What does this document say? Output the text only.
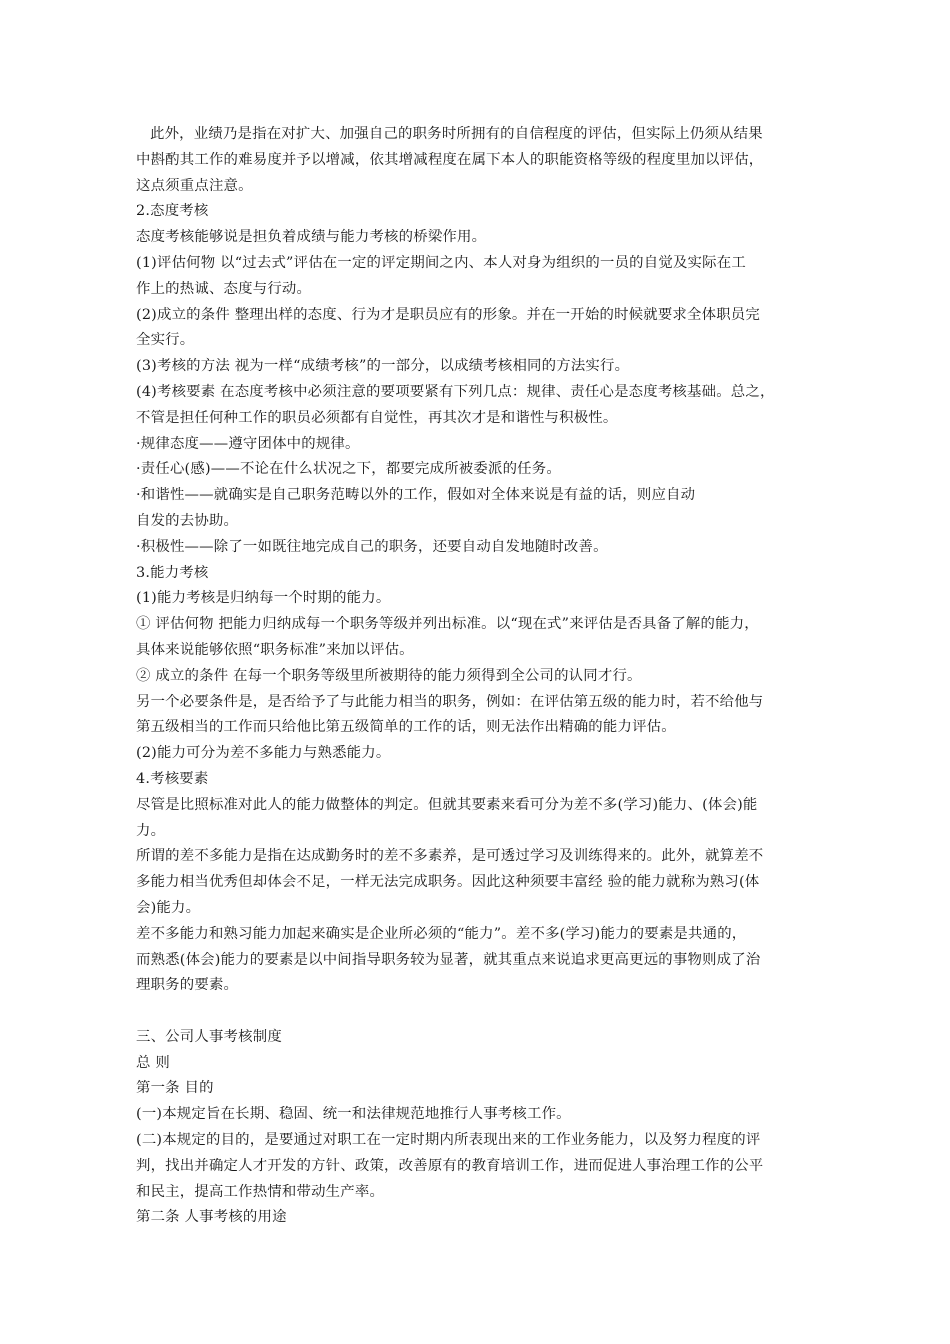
此外，业绩乃是指在对扩大、加强自己的职务时所拥有的自信程度的评估，但实际上仍须从结果
中斟酌其工作的难易度并予以增减，依其增减程度在属下本人的职能资格等级的程度里加以评估，
这点须重点注意。
2.态度考核
态度考核能够说是担负着成绩与能力考核的桥梁作用。
(1)评估何物 以“过去式”评估在一定的评定期间之内、本人对身为组织的一员的自觉及实际在工
作上的热诚、态度与行动。
(2)成立的条件 整理出样的态度、行为才是职员应有的形象。并在一开始的时候就要求全体职员完
全实行。
(3)考核的方法 视为一样“成绩考核”的一部分，以成绩考核相同的方法实行。
(4)考核要素 在态度考核中必须注意的要项要紧有下列几点：规律、责任心是态度考核基础。总之，
不管是担任何种工作的职员必须都有自觉性，再其次才是和谐性与积极性。
·规律态度——遵守团体中的规律。
·责任心(感)——不论在什么状况之下，都要完成所被委派的任务。
·和谐性——就确实是自己职务范畴以外的工作，假如对全体来说是有益的话，则应自动
自发的去协助。
·积极性——除了一如既往地完成自己的职务，还要自动自发地随时改善。
3.能力考核
(1)能力考核是归纳每一个时期的能力。
① 评估何物 把能力归纳成每一个职务等级并列出标准。以“现在式”来评估是否具备了解的能力，
具体来说能够依照“职务标准”来加以评估。
② 成立的条件 在每一个职务等级里所被期待的能力须得到全公司的认同才行。
另一个必要条件是，是否给予了与此能力相当的职务，例如：在评估第五级的能力时，若不给他与
第五级相当的工作而只给他比第五级简单的工作的话，则无法作出精确的能力评估。
(2)能力可分为差不多能力与熟悉能力。
4.考核要素
尽管是比照标准对此人的能力做整体的判定。但就其要素来看可分为差不多(学习)能力、(体会)能
力。
所谓的差不多能力是指在达成勤务时的差不多素养，是可透过学习及训练得来的。此外，就算差不
多能力相当优秀但却体会不足，一样无法完成职务。因此这种须要丰富经 验的能力就称为熟习(体
会)能力。
差不多能力和熟习能力加起来确实是企业所必须的“能力”。差不多(学习)能力的要素是共通的，
而熟悉(体会)能力的要素是以中间指导职务较为显著，就其重点来说追求更高更远的事物则成了治
理职务的要素。
三、公司人事考核制度
总 则
第一条 目的
(一)本规定旨在长期、稳固、统一和法律规范地推行人事考核工作。
(二)本规定的目的，是要通过对职工在一定时期内所表现出来的工作业务能力，以及努力程度的评
判，找出并确定人才开发的方针、政策，改善原有的教育培训工作，进而促进人事治理工作的公平
和民主，提高工作热情和带动生产率。
第二条 人事考核的用途
